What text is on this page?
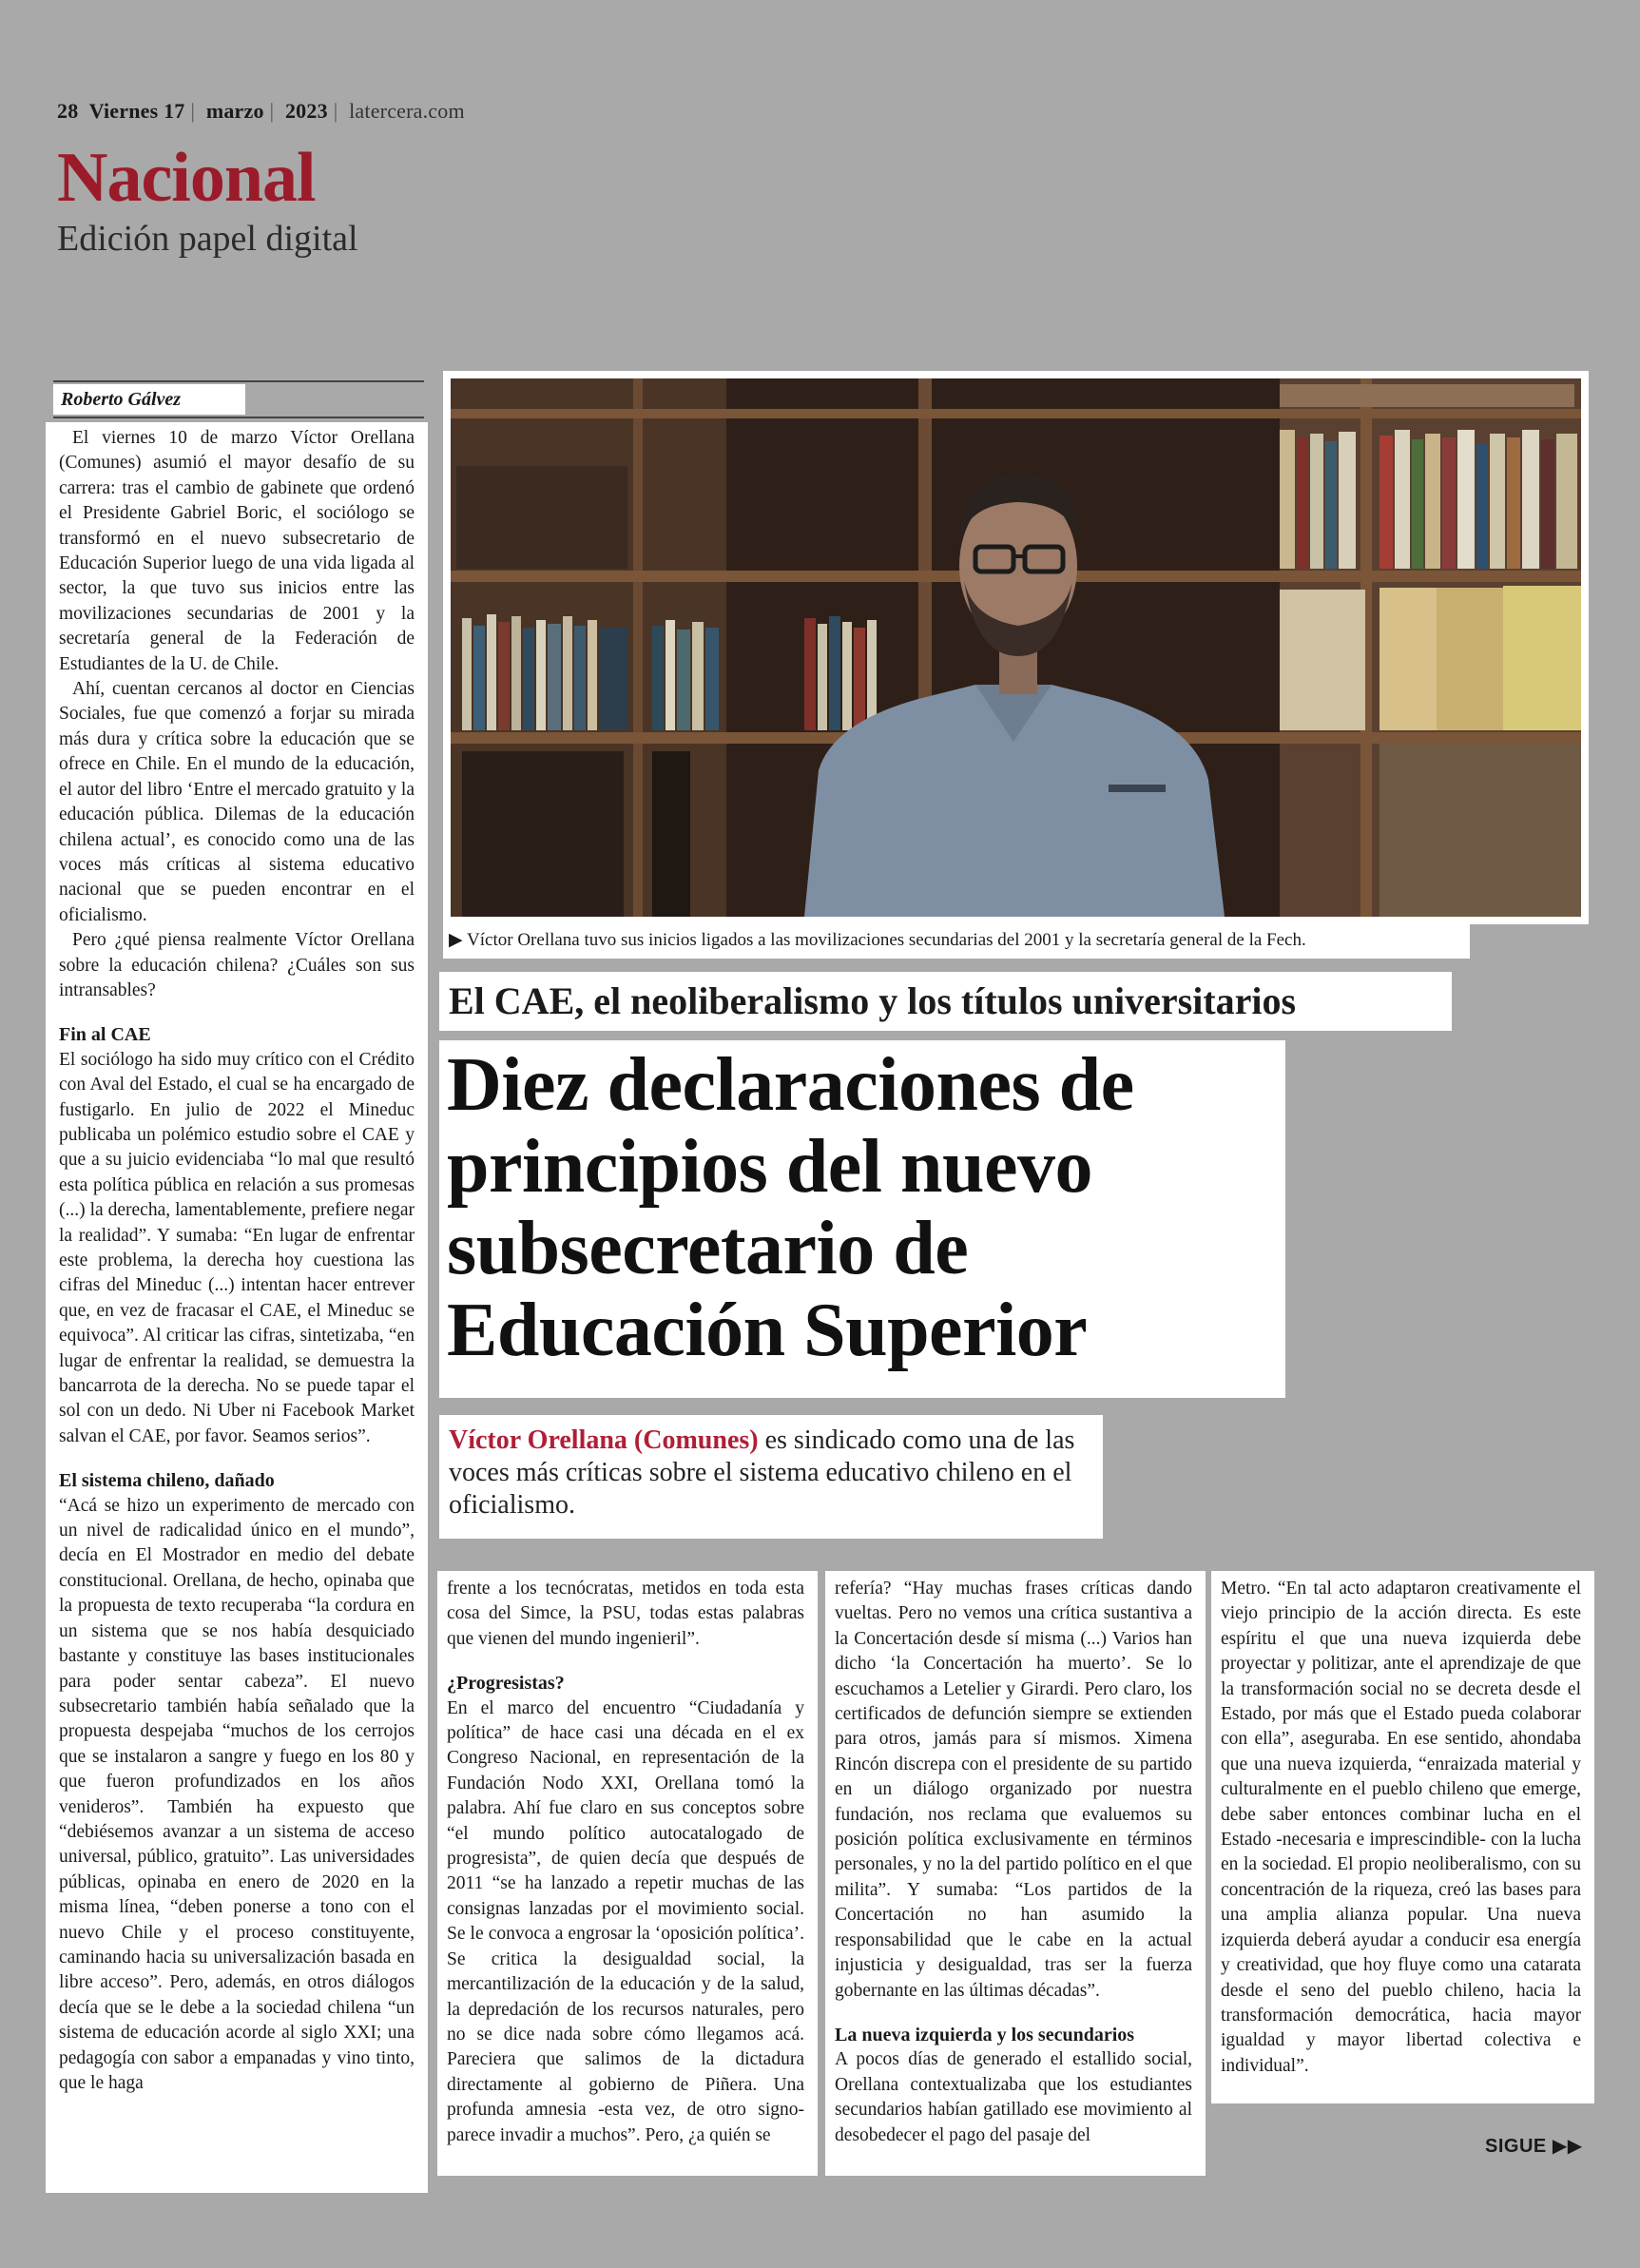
28 Viernes 17 | marzo | 2023 | latercera.com
Nacional
Edición papel digital
Roberto Gálvez
▶ Víctor Orellana tuvo sus inicios ligados a las movilizaciones secundarias del 2001 y la secretaría general de la Fech.
El CAE, el neoliberalismo y los títulos universitarios
Diez declaraciones de principios del nuevo subsecretario de Educación Superior
Víctor Orellana (Comunes) es sindicado como una de las voces más críticas sobre el sistema educativo chileno en el oficialismo.

El viernes 10 de marzo Víctor Orellana (Comunes) asumió el mayor desafío de su carrera: tras el cambio de gabinete que ordenó el Presidente Gabriel Boric, el sociólogo se transformó en el nuevo subsecretario de Educación Superior luego de una vida ligada al sector, la que tuvo sus inicios entre las movilizaciones secundarias de 2001 y la secretaría general de la Federación de Estudiantes de la U. de Chile.

Ahí, cuentan cercanos al doctor en Ciencias Sociales, fue que comenzó a forjar su mirada más dura y crítica sobre la educación que se ofrece en Chile. En el mundo de la educación, el autor del libro ‘Entre el mercado gratuito y la educación pública. Dilemas de la educación chilena actual’, es conocido como una de las voces más críticas al sistema educativo nacional que se pueden encontrar en el oficialismo.

Pero ¿qué piensa realmente Víctor Orellana sobre la educación chilena? ¿Cuáles son sus intransables?

Fin al CAE

El sociólogo ha sido muy crítico con el Crédito con Aval del Estado, el cual se ha encargado de fustigarlo. En julio de 2022 el Mineduc publicaba un polémico estudio sobre el CAE y que a su juicio evidenciaba “lo mal que resultó esta política pública en relación a sus promesas (...) la derecha, lamentablemente, prefiere negar la realidad”. Y sumaba: “En lugar de enfrentar este problema, la derecha hoy cuestiona las cifras del Mineduc (...) intentan hacer entrever que, en vez de fracasar el CAE, el Mineduc se equivoca”. Al criticar las cifras, sintetizaba, “en lugar de enfrentar la realidad, se demuestra la bancarrota de la derecha. No se puede tapar el sol con un dedo. Ni Uber ni Facebook Market salvan el CAE, por favor. Seamos serios”.

El sistema chileno, dañado

“Acá se hizo un experimento de mercado con un nivel de radicalidad único en el mundo”, decía en El Mostrador en medio del debate constitucional. Orellana, de hecho, opinaba que la propuesta de texto recuperaba “la cordura en un sistema que se nos había desquiciado bastante y constituye las bases institucionales para poder sentar cabeza”. El nuevo subsecretario también había señalado que la propuesta despejaba “muchos de los cerrojos que se instalaron a sangre y fuego en los 80 y que fueron profundizados en los años venideros”. También ha expuesto que “debiésemos avanzar a un sistema de acceso universal, público, gratuito”. Las universidades públicas, opinaba en enero de 2020 en la misma línea, “deben ponerse a tono con el nuevo Chile y el proceso constituyente, caminando hacia su universalización basada en libre acceso”. Pero, además, en otros diálogos decía que se le debe a la sociedad chilena “un sistema de educación acorde al siglo XXI; una pedagogía con sabor a empanadas y vino tinto, que le haga

frente a los tecnócratas, metidos en toda esta cosa del Simce, la PSU, todas estas palabras que vienen del mundo ingenieril”.

¿Progresistas?

En el marco del encuentro “Ciudadanía y política” de hace casi una década en el ex Congreso Nacional, en representación de la Fundación Nodo XXI, Orellana tomó la palabra. Ahí fue claro en sus conceptos sobre “el mundo político autocatalogado de progresista”, de quien decía que después de 2011 “se ha lanzado a repetir muchas de las consignas lanzadas por el movimiento social. Se le convoca a engrosar la ‘oposición política’. Se critica la desigualdad social, la mercantilización de la educación y de la salud, la depredación de los recursos naturales, pero no se dice nada sobre cómo llegamos acá. Pareciera que salimos de la dictadura directamente al gobierno de Piñera. Una profunda amnesia -esta vez, de otro signo- parece invadir a muchos”. Pero, ¿a quién se

refería? “Hay muchas frases críticas dando vueltas. Pero no vemos una crítica sustantiva a la Concertación desde sí misma (...) Varios han dicho ‘la Concertación ha muerto’. Se lo escuchamos a Letelier y Girardi. Pero claro, los certificados de defunción siempre se extienden para otros, jamás para sí mismos. Ximena Rincón discrepa con el presidente de su partido en un diálogo organizado por nuestra fundación, nos reclama que evaluemos su posición política exclusivamente en términos personales, y no la del partido político en el que milita”. Y sumaba: “Los partidos de la Concertación no han asumido la responsabilidad que le cabe en la actual injusticia y desigualdad, tras ser la fuerza gobernante en las últimas décadas”.

La nueva izquierda y los secundarios

A pocos días de generado el estallido social, Orellana contextualizaba que los estudiantes secundarios habían gatillado ese movimiento al desobedecer el pago del pasaje del

Metro. “En tal acto adaptaron creativamente el viejo principio de la acción directa. Es este espíritu el que una nueva izquierda debe proyectar y politizar, ante el aprendizaje de que la transformación social no se decreta desde el Estado, por más que el Estado pueda colaborar con ella”, aseguraba. En ese sentido, ahondaba que una nueva izquierda, “enraizada material y culturalmente en el pueblo chileno que emerge, debe saber entonces combinar lucha en el Estado -necesaria e imprescindible- con la lucha en la sociedad. El propio neoliberalismo, con su concentración de la riqueza, creó las bases para una amplia alianza popular. Una nueva izquierda deberá ayudar a conducir esa energía y creatividad, que hoy fluye como una catarata desde el seno del pueblo chileno, hacia la transformación democrática, hacia mayor igualdad y mayor libertad colectiva e individual”.

SIGUE ▶▶
